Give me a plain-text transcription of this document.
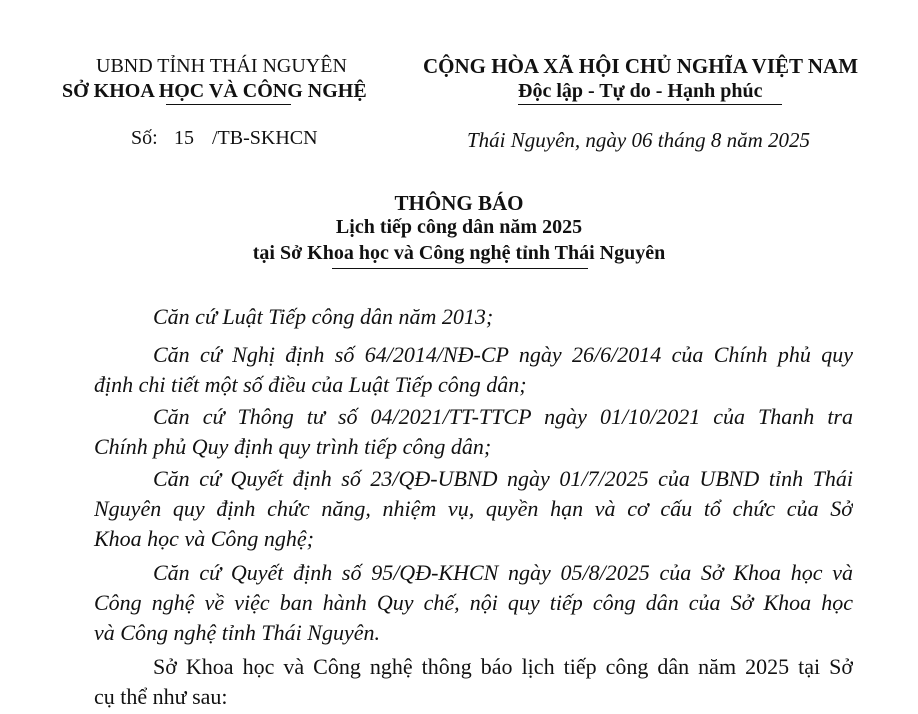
UBND TỈNH THÁI NGUYÊN
SỞ KHOA HỌC VÀ CÔNG NGHỆ
CỘNG HÒA XÃ HỘI CHỦ NGHĨA VIỆT NAM
Độc lập - Tự do - Hạnh phúc
Số: 15 /TB-SKHCN	Thái Nguyên, ngày 06 tháng 8 năm 2025
THÔNG BÁO
Lịch tiếp công dân năm 2025
tại Sở Khoa học và Công nghệ tỉnh Thái Nguyên
Căn cứ Luật Tiếp công dân năm 2013;
Căn cứ Nghị định số 64/2014/NĐ-CP ngày 26/6/2014 của Chính phủ quy
định chi tiết một số điều của Luật Tiếp công dân;
Căn cứ Thông tư số 04/2021/TT-TTCP ngày 01/10/2021 của Thanh tra
Chính phủ Quy định quy trình tiếp công dân;
Căn cứ Quyết định số 23/QĐ-UBND ngày 01/7/2025 của UBND tỉnh Thái
Nguyên quy định chức năng, nhiệm vụ, quyền hạn và cơ cấu tổ chức của Sở
Khoa học và Công nghệ;
Căn cứ Quyết định số 95/QĐ-KHCN ngày 05/8/2025 của Sở Khoa học và
Công nghệ về việc ban hành Quy chế, nội quy tiếp công dân của Sở Khoa học
và Công nghệ tỉnh Thái Nguyên.
Sở Khoa học và Công nghệ thông báo lịch tiếp công dân năm 2025 tại Sở
cụ thể như sau:
